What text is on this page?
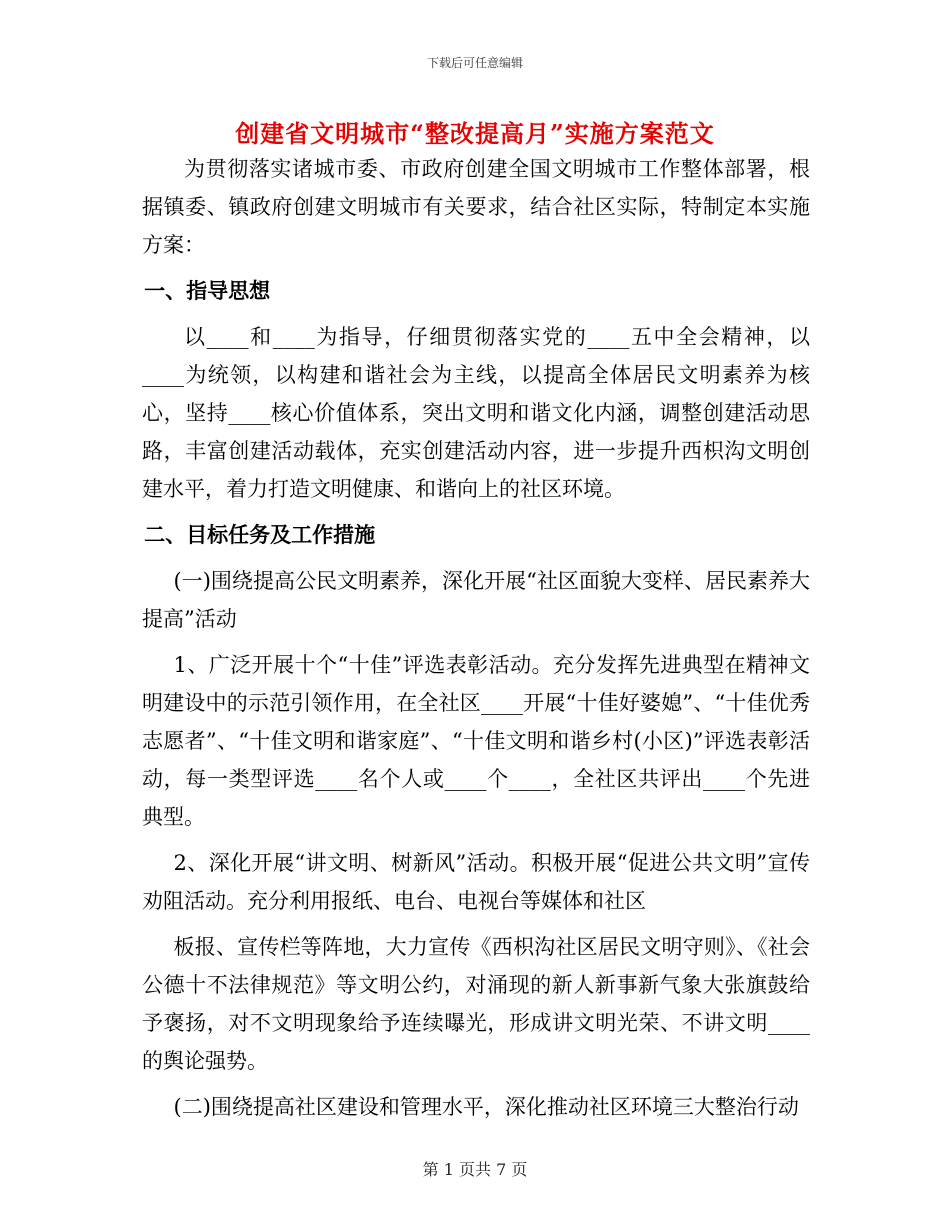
下载后可任意编辑
创建省文明城市“整改提高月”实施方案范文

为贯彻落实诸城市委、市政府创建全国文明城市工作整体部署，根据镇委、镇政府创建文明城市有关要求，结合社区实际，特制定本实施方案：

一、指导思想

以____和____为指导，仔细贯彻落实党的____五中全会精神，以____为统领，以构建和谐社会为主线，以提高全体居民文明素养为核心，坚持____核心价值体系，突出文明和谐文化内涵，调整创建活动思路，丰富创建活动载体，充实创建活动内容，进一步提升西枳沟文明创建水平，着力打造文明健康、和谐向上的社区环境。

二、目标任务及工作措施

(一)围绕提高公民文明素养，深化开展“社区面貌大变样、居民素养大提高”活动

1、广泛开展十个“十佳”评选表彰活动。充分发挥先进典型在精神文明建设中的示范引领作用，在全社区____开展“十佳好婆媳”、“十佳优秀志愿者”、“十佳文明和谐家庭”、“十佳文明和谐乡村(小区)”评选表彰活动，每一类型评选____名个人或____个____，全社区共评出____个先进典型。

2、深化开展“讲文明、树新风”活动。积极开展“促进公共文明”宣传劝阻活动。充分利用报纸、电台、电视台等媒体和社区

板报、宣传栏等阵地，大力宣传《西枳沟社区居民文明守则》、《社会公德十不法律规范》等文明公约，对涌现的新人新事新气象大张旗鼓给予褒扬，对不文明现象给予连续曝光，形成讲文明光荣、不讲文明____的舆论强势。

(二)围绕提高社区建设和管理水平，深化推动社区环境三大整治行动

第 1 页共 7 页
